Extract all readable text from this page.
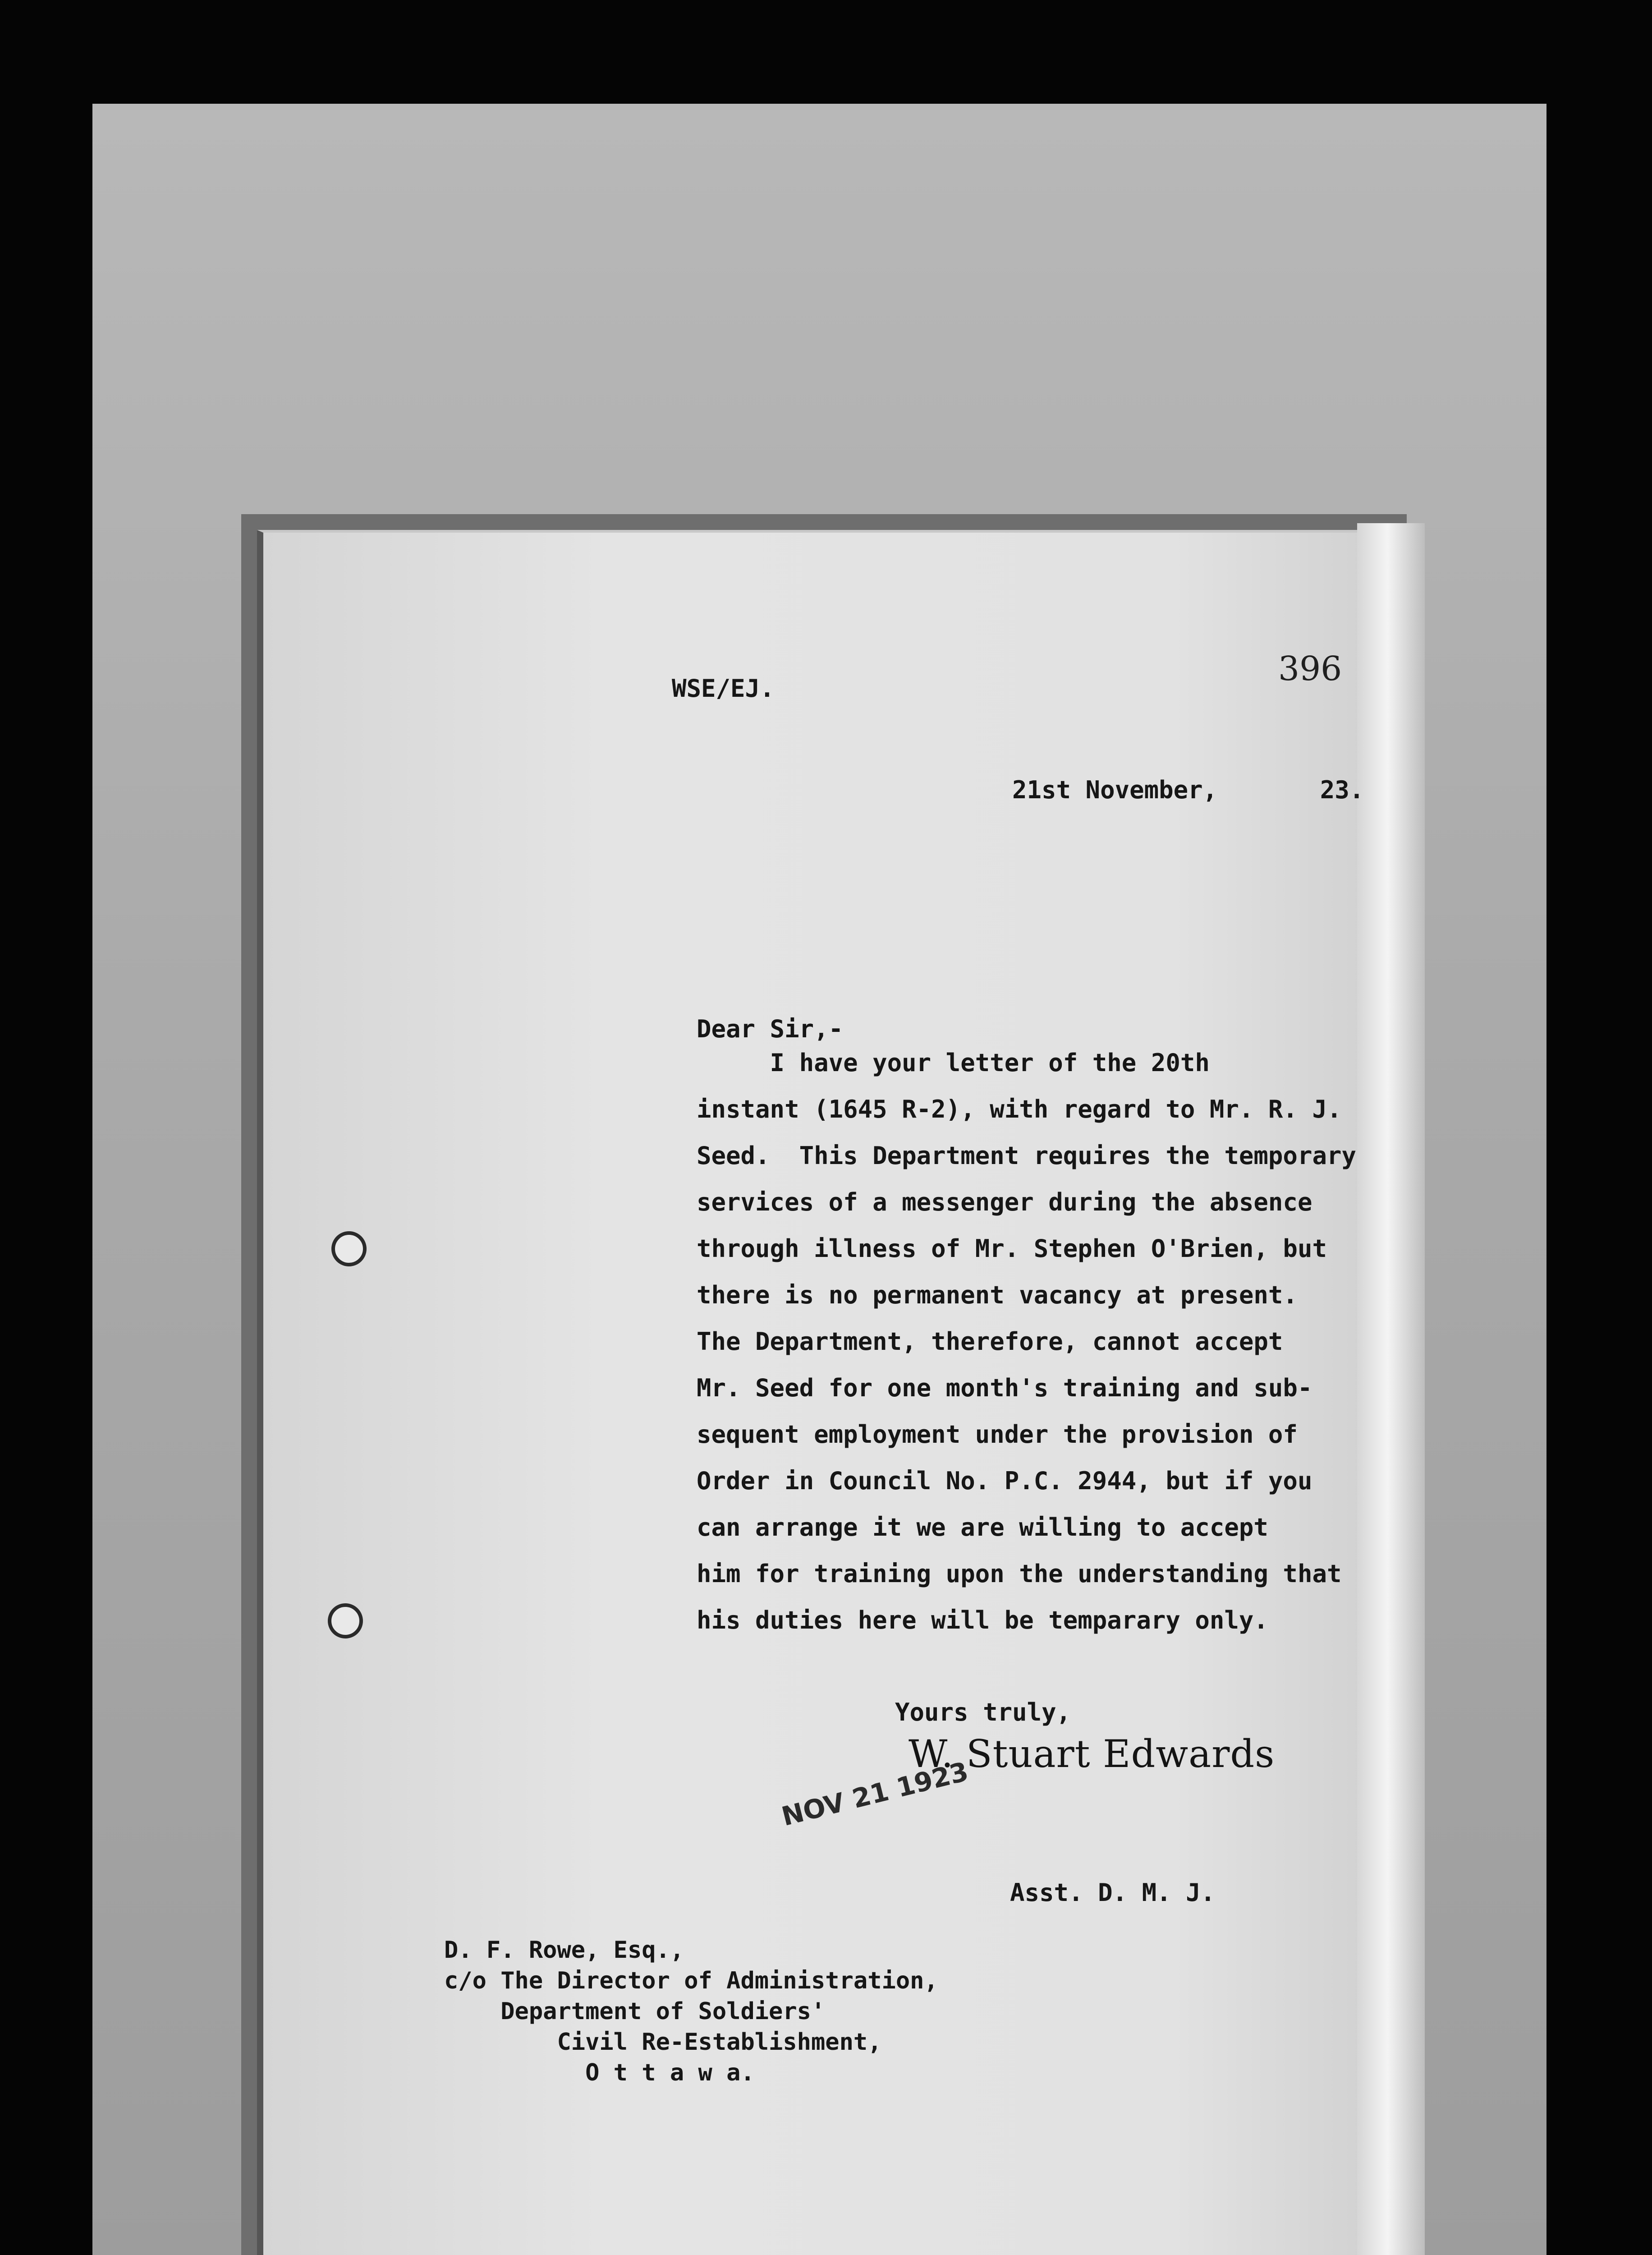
396

WSE/EJ.

21st November,       23.

Dear Sir,-

I have your letter of the 20th

instant (1645 R-2), with regard to Mr. R. J.

Seed.  This Department requires the temporary

services of a messenger during the absence

through illness of Mr. Stephen O'Brien, but

there is no permanent vacancy at present.

The Department, therefore, cannot accept

Mr. Seed for one month's training and sub-

sequent employment under the provision of

Order in Council No. P.C. 2944, but if you

can arrange it we are willing to accept

him for training upon the understanding that

his duties here will be temparary only.

Yours truly,

W. Stuart Edwards

NOV 21 1923

Asst. D. M. J.

D. F. Rowe, Esq.,

c/o The Director of Administration,

Department of Soldiers'

Civil Re-Establishment,

O t t a w a.
